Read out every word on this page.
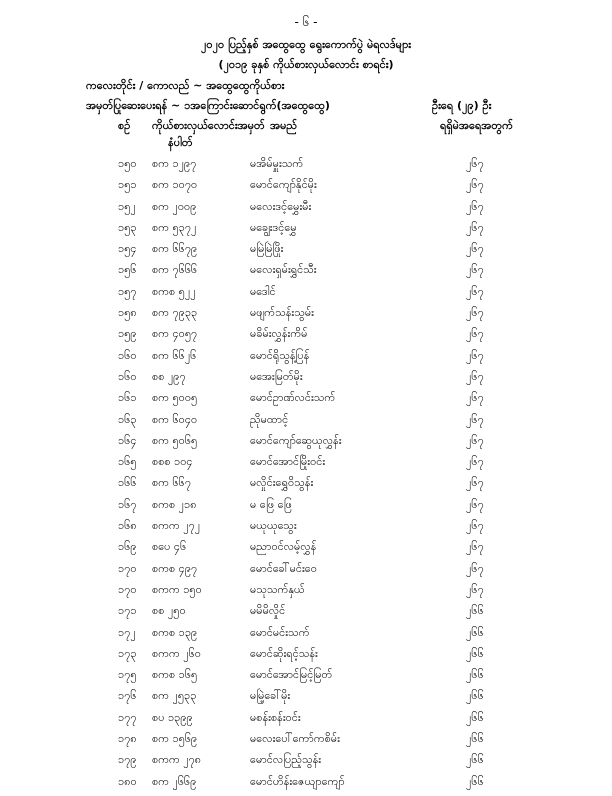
- ၆ -
၂၀၂၀ ပြည့်နှစ် အထွေထွေ ရွေးကောက်ပွဲ မဲရလဒ်များ
(၂၀၁၉ ခုနှစ် ကိုယ်စားလှယ်လောင်း စာရင်း)
ကလေးတိုင်း / ကောလည် ~ အထွေထွေကိုယ်စား
အမှတ်ပြုဆေးပေးရန် ~ ၁အကြောင်းဆောင်ရွက်(အထွေထွေ)	ဦးရေ (၂၉) ဦး
စဉ် ကိုယ်စားလှယ်လောင်းအမှတ်
နံပါတ်
အမည်	ရရှိမဲအရေအတွက်
၁၅၀ စက ၁၂၉၇	မအိမ်မှူးသက်	၂၆၇
၁၅၁ စက ၁၀၇၀	မောင်ကျော်နိုင်မိုး	၂၆၇
၁၅၂ စက ၂၀၀၉	မလေးဒင့်မွှေးမီး	၂၆၇
၁၅၃ စက ၅၃၇၂	မချွေးဒင့်မွှေ	၂၆၇
၁၅၄ စက ၆၆၇၉	မမြဲမြဲဖြိုး	၂၆၇
၁၅၆ စက ၇၆၆၆	မလေးရှမ်းရွှင်သီး	၂၆၇
၁၅၇ စကစ ၅၂၂	မဒေါင်	၂၆၇
၁၅၈ စက ၇၉၃၃	မဖျက်သန်းသွမ်း	၂၆၇
၁၅၉ စက ၄၀၅၇	မခိမ်းလွှန်းကိမ်	၂၆၇
၁၆၀ စက ၆၆၂၆	မောင်ရိုသွန့်ပြန်	၂၆၇
၁၆၀ စစ ၂၉၇	မအေးမြတ်မိုး	၂၆၇
၁၆၁ စက ၅၀၀၅	မောင်ဥာဏ်လင်းသက်	၂၆၇
၁၆၃ စက ၆၀၄၀	ညိုမထာင့်	၂၆၇
၁၆၄ စက ၅၀၆၅	မောင်ကျော်ဆွေယုလွှန်း	၂၆၇
၁၆၅ စစစ ၁၀၄	မောင်အောင်မြိုးဝင်း	၂၆၇
၁၆၆ စက ၆၆၇	မလှိုင်းရွှေဝိသွန်း	၂၆၇
၁၆၇ စကစ ၂၁၈	မ ဖြေ ဖြေ	၂၆၇
၁၆၈ စကက ၂၇၂	မယုယုသွေး	၂၆၇
၁၆၉ စပေ ၄၆	မညာဝင်လမ့်လွှန်	၂၆၇
၁၇၀ စကစ ၄၉၇	မောင်ခေါ်မင်းဝေ	၂၆၇
၁၇၀ စကက ၁၅၀	မသုသက်နှယ်	၂၆၇
၁၇၁ စစ ၂၅၀	မမိမိလှိုင်	၂၆၆
၁၇၂ စကစ ၁၃၉	မောင်မင်းသက်	၂၆၆
၁၇၃ စကက ၂၆၀	မောင်ဆိုးရင့်သန်း	၂၆၆
၁၇၅ စကစ ၁၆၅	မောင်အောင်မြင့်မြတ်	၂၆၆
၁၇၆ စက ၂၅၃၃	မမြဲ့ခေါ်မိုး	၂၆၆
၁၇၇ စပ ၁၃၉၉	မစန်းစန်းဝင်း	၂၆၆
၁၇၈ စက ၁၅၆၉	မလေးပေါ်ကော်ကစိမ်း	၂၆၆
၁၇၉ စကက ၂၇၈	မောင်လပြည့်သွန်း	၂၆၆
၁၈၀ စက ၂၆၆၉	မောင်ဟိန်းဇေယျာကျော်	၂၆၆
